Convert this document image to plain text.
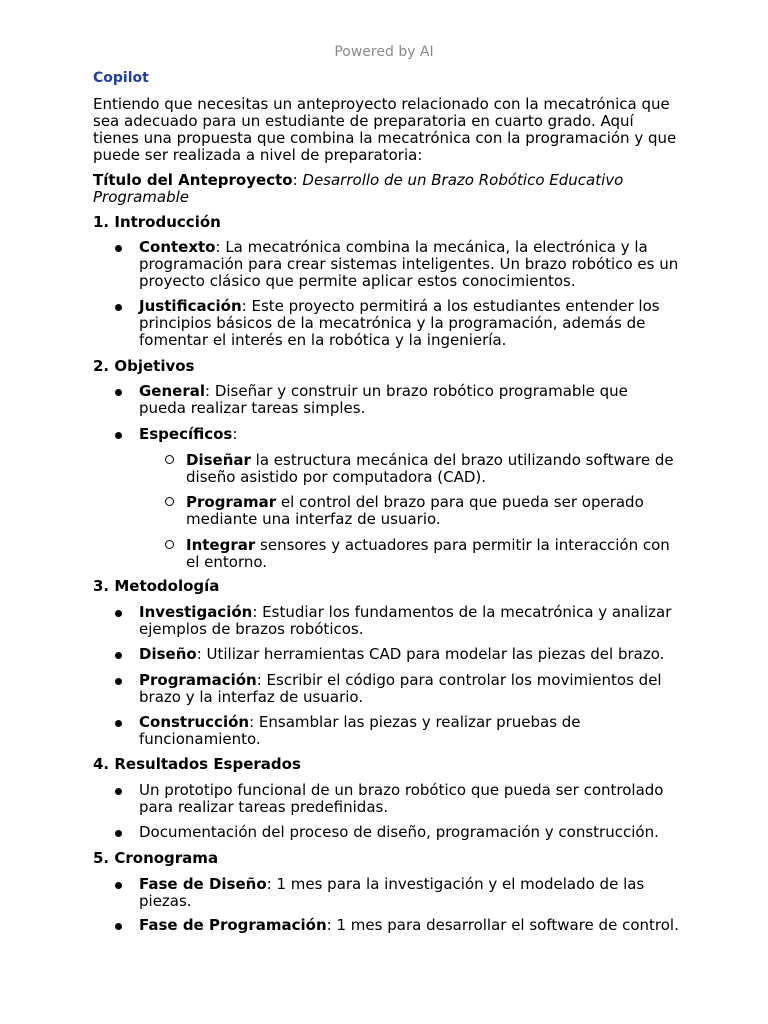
Powered by AI
Copilot
Entiendo que necesitas un anteproyecto relacionado con la mecatrónica que sea adecuado para un estudiante de preparatoria en cuarto grado. Aquí tienes una propuesta que combina la mecatrónica con la programación y que puede ser realizada a nivel de preparatoria:
Título del Anteproyecto: Desarrollo de un Brazo Robótico Educativo Programable
1. Introducción
Contexto: La mecatrónica combina la mecánica, la electrónica y la programación para crear sistemas inteligentes. Un brazo robótico es un proyecto clásico que permite aplicar estos conocimientos.
Justificación: Este proyecto permitirá a los estudiantes entender los principios básicos de la mecatrónica y la programación, además de fomentar el interés en la robótica y la ingeniería.
2. Objetivos
General: Diseñar y construir un brazo robótico programable que pueda realizar tareas simples.
Específicos:
Diseñar la estructura mecánica del brazo utilizando software de diseño asistido por computadora (CAD).
Programar el control del brazo para que pueda ser operado mediante una interfaz de usuario.
Integrar sensores y actuadores para permitir la interacción con el entorno.
3. Metodología
Investigación: Estudiar los fundamentos de la mecatrónica y analizar ejemplos de brazos robóticos.
Diseño: Utilizar herramientas CAD para modelar las piezas del brazo.
Programación: Escribir el código para controlar los movimientos del brazo y la interfaz de usuario.
Construcción: Ensamblar las piezas y realizar pruebas de funcionamiento.
4. Resultados Esperados
Un prototipo funcional de un brazo robótico que pueda ser controlado para realizar tareas predefinidas.
Documentación del proceso de diseño, programación y construcción.
5. Cronograma
Fase de Diseño: 1 mes para la investigación y el modelado de las piezas.
Fase de Programación: 1 mes para desarrollar el software de control.
